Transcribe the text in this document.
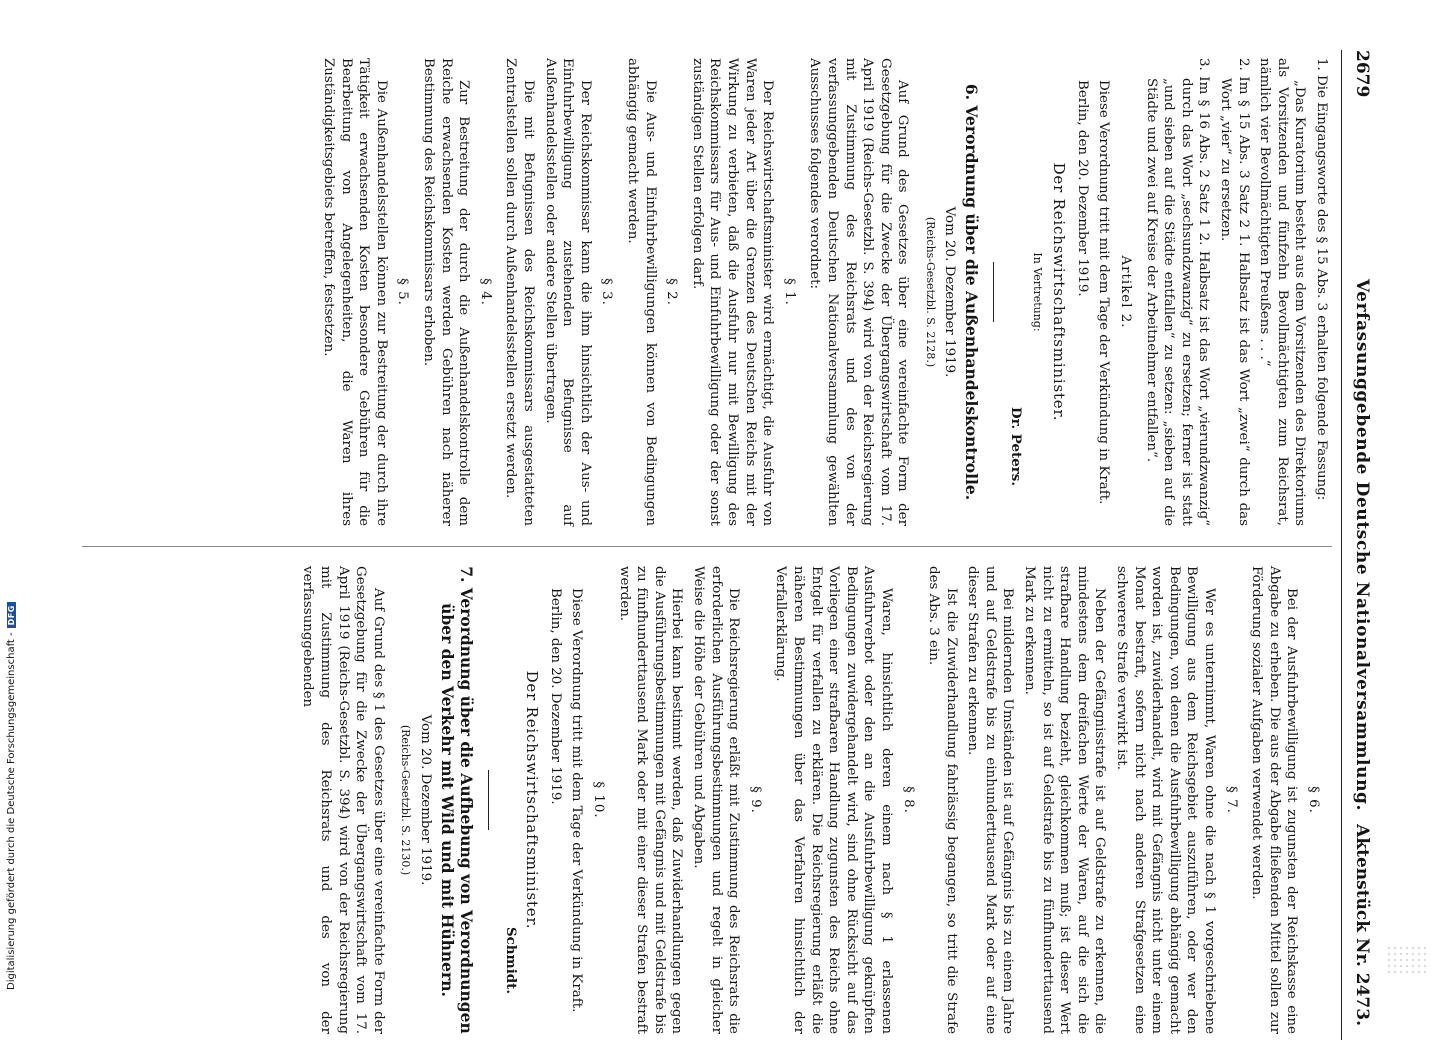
2679
Verfassunggebende Deutsche Nationalversammlung.
Aktenstück Nr. 2473.

1. Die Eingangsworte des § 15 Abs. 3 erhalten folgende Fassung:

„Das Kuratorium besteht aus dem Vorsitzenden des Direktoriums als Vorsitzenden und fünfzehn Bevollmächtigten zum Reichsrat, nämlich vier Bevollmächtigten Preußens . . .“

2. Im § 15 Abs. 3 Satz 2 1. Halbsatz ist das Wort „zwei“ durch das Wort „vier“ zu ersetzen.

3. Im § 16 Abs. 2 Satz 1 2. Halbsatz ist das Wort „vierundzwanzig“ durch das Wort „sechsundzwanzig“ zu ersetzen; ferner ist statt „und sieben auf die Städte entfallen“ zu setzen: „sieben auf die Städte und zwei auf Kreise der Arbeitnehmer entfallen“.

Artikel 2.

Diese Verordnung tritt mit dem Tage der Verkündung in Kraft.

Berlin, den 20. Dezember 1919.

Der Reichswirtschaftsminister.

In Vertretung:

Dr. Peters.

6. Verordnung über die Außenhandelskontrolle.

Vom 20. Dezember 1919.

(Reichs-Gesetzbl. S. 2128.)

Auf Grund des Gesetzes über eine vereinfachte Form der Gesetzgebung für die Zwecke der Übergangswirtschaft vom 17. April 1919 (Reichs-Gesetzbl. S. 394) wird von der Reichsregierung mit Zustimmung des Reichsrats und des von der verfassunggebenden Deutschen Nationalversammlung gewählten Ausschusses folgendes verordnet:

§ 1.

Der Reichswirtschaftsminister wird ermächtigt, die Ausfuhr von Waren jeder Art über die Grenzen des Deutschen Reichs mit der Wirkung zu verbieten, daß die Ausfuhr nur mit Bewilligung des Reichskommissars für Aus- und Einfuhrbewilligung oder der sonst zuständigen Stellen erfolgen darf.

§ 2.

Die Aus- und Einfuhrbewilligungen können von Bedingungen abhängig gemacht werden.

§ 3.

Der Reichskommissar kann die ihm hinsichtlich der Aus- und Einfuhrbewilligung zustehenden Befugnisse auf Außenhandelsstellen oder andere Stellen übertragen.

Die mit Befugnissen des Reichskommissars ausgestatteten Zentralstellen sollen durch Außenhandelsstellen ersetzt werden.

§ 4.

Zur Bestreitung der durch die Außenhandelskontrolle dem Reiche erwachsenden Kosten werden Gebühren nach näherer Bestimmung des Reichskommissars erhoben.

§ 5.

Die Außenhandelsstellen können zur Bestreitung der durch ihre Tätigkeit erwachsenden Kosten besondere Gebühren für die Bearbeitung von Angelegenheiten, die Waren ihres Zuständigkeitsgebiets betreffen, festsetzen.

§ 6.

Bei der Ausfuhrbewilligung ist zugunsten der Reichskasse eine Abgabe zu erheben. Die aus der Abgabe fließenden Mittel sollen zur Förderung sozialer Aufgaben verwendet werden.

§ 7.

Wer es unternimmt, Waren ohne die nach § 1 vorgeschriebene Bewilligung aus dem Reichsgebiet auszuführen, oder wer den Bedingungen, von denen die Ausfuhrbewilligung abhängig gemacht worden ist, zuwiderhandelt, wird mit Gefängnis nicht unter einem Monat bestraft, sofern nicht nach anderen Strafgesetzen eine schwerere Strafe verwirkt ist.

Neben der Gefängnisstrafe ist auf Geldstrafe zu erkennen, die mindestens dem dreifachen Werte der Waren, auf die sich die strafbare Handlung bezieht, gleichkommen muß; ist dieser Wert nicht zu ermitteln, so ist auf Geldstrafe bis zu fünfhunderttausend Mark zu erkennen.

Bei mildernden Umständen ist auf Gefängnis bis zu einem Jahre und auf Geldstrafe bis zu einhunderttausend Mark oder auf eine dieser Strafen zu erkennen.

Ist die Zuwiderhandlung fahrlässig begangen, so tritt die Strafe des Abs. 3 ein.

§ 8.

Waren, hinsichtlich deren einem nach § 1 erlassenen Ausfuhrverbot oder den an die Ausfuhrbewilligung geknüpften Bedingungen zuwidergehandelt wird, sind ohne Rücksicht auf das Vorliegen einer strafbaren Handlung zugunsten des Reichs ohne Entgelt für verfallen zu erklären. Die Reichsregierung erläßt die näheren Bestimmungen über das Verfahren hinsichtlich der Verfallerklärung.

§ 9.

Die Reichsregierung erläßt mit Zustimmung des Reichsrats die erforderlichen Ausführungsbestimmungen und regelt in gleicher Weise die Höhe der Gebühren und Abgaben.

Hierbei kann bestimmt werden, daß Zuwiderhandlungen gegen die Ausführungsbestimmungen mit Gefängnis und mit Geldstrafe bis zu fünfhunderttausend Mark oder mit einer dieser Strafen bestraft werden.

§ 10.

Diese Verordnung tritt mit dem Tage der Verkündung in Kraft.

Berlin, den 20. Dezember 1919.

Der Reichswirtschaftsminister.

Schmidt.

7. Verordnung über die Aufhebung von Verordnungen über den Verkehr mit Wild und mit Hühnern.

Vom 20. Dezember 1919.

(Reichs-Gesetzbl. S. 2130.)

Auf Grund des § 1 des Gesetzes über eine vereinfachte Form der Gesetzgebung für die Zwecke der Übergangswirtschaft vom 17. April 1919 (Reichs-Gesetzbl. S. 394) wird von der Reichsregierung mit Zustimmung des Reichsrats und des von der verfassunggebenden

Digitalisierung gefördert durch die Deutsche Forschungsgemeinschaft -DFG
